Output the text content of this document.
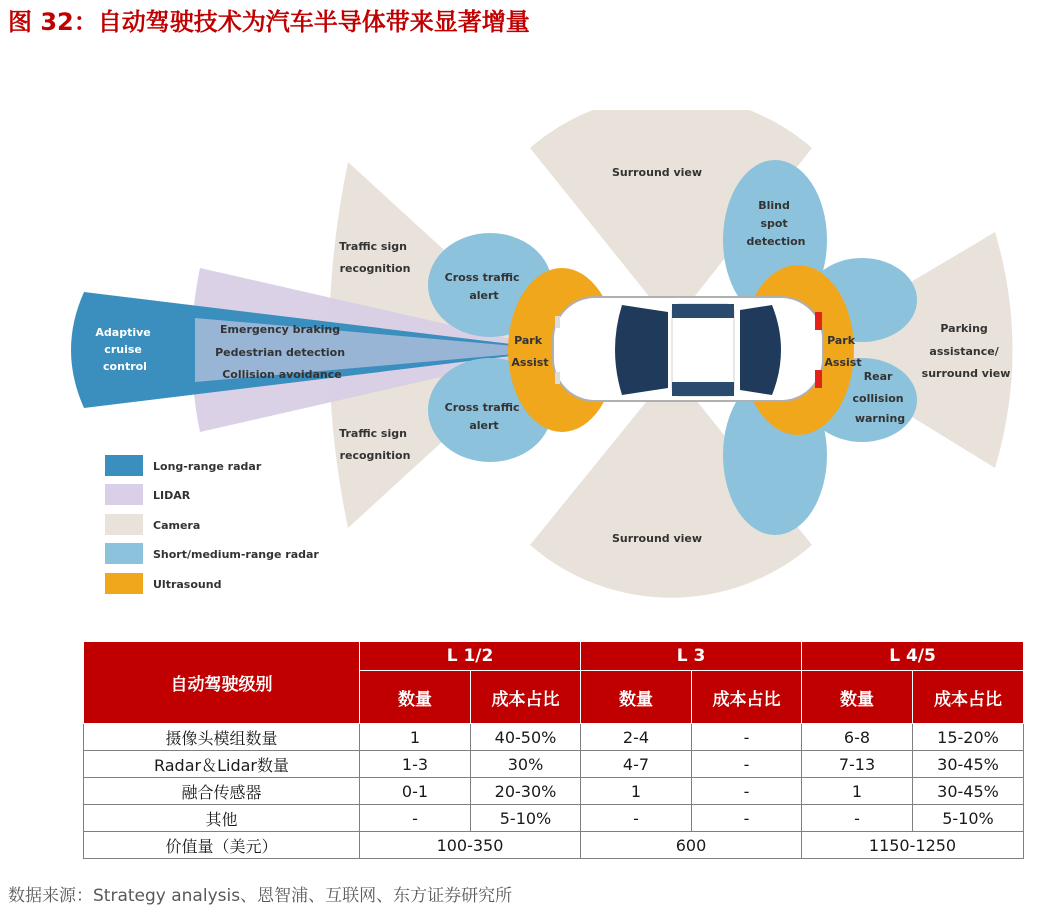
图 32：自动驾驶技术为汽车半导体带来显著增量
Adaptive cruise control
Emergency braking Pedestrian detection Collision avoidance
Traffic sign recognition
Traffic sign recognition
Cross traffic alert
Cross traffic alert
Park Assist
Park Assist
Surround view
Surround view
Blind spot detection
Rear collision warning
Parking assistance/ surround view
Long-range radar
LIDAR
Camera
Short/medium-range radar
Ultrasound
自动驾驶级别	L 1/2		L 3		L 4/5	
	数量	成本占比	数量	成本占比	数量	成本占比
摄像头模组数量	1	40-50%	2-4	-	6-8	15-20%
Radar＆Lidar数量	1-3	30%	4-7	-	7-13	30-45%
融合传感器	0-1	20-30%	1	-	1	30-45%
其他	-	5-10%	-	-	-	5-10%
价值量（美元）	100-350		600		1150-1250	
数据来源：Strategy analysis、恩智浦、互联网、东方证券研究所
